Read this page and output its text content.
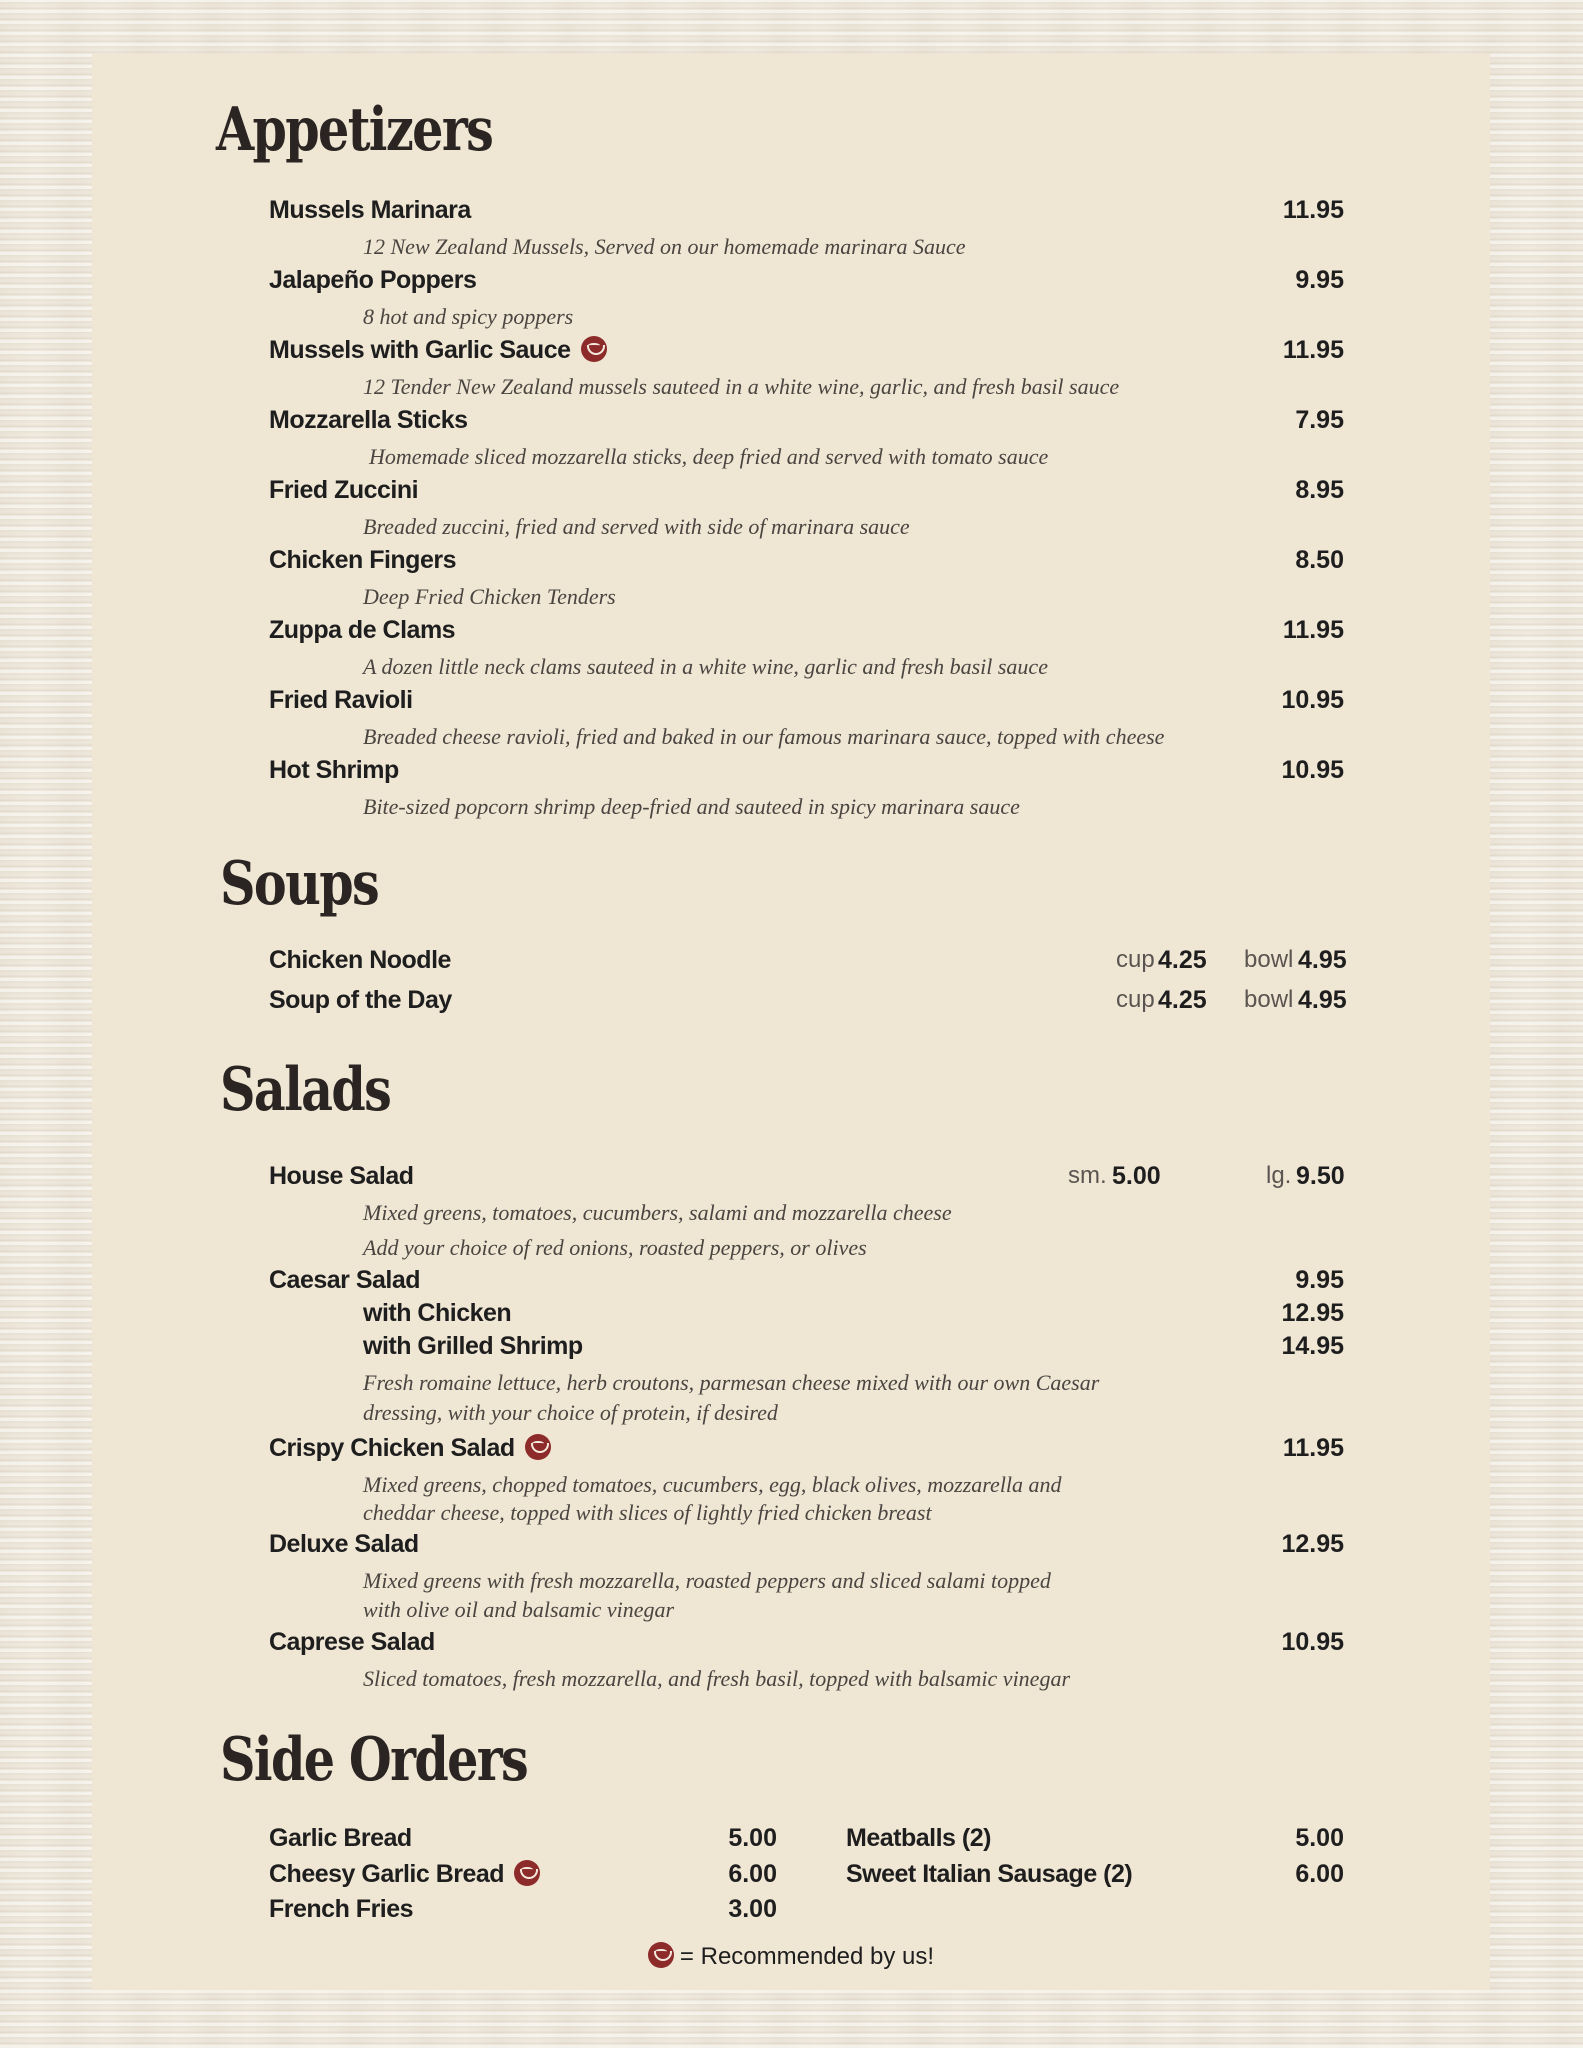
Appetizers
Mussels Marinara	11.95
12 New Zealand Mussels, Served on our homemade marinara Sauce
Jalapeño Poppers	9.95
8 hot and spicy poppers
Mussels with Garlic Sauce	11.95
12 Tender New Zealand mussels sauteed in a white wine, garlic, and fresh basil sauce
Mozzarella Sticks	7.95
Homemade sliced mozzarella sticks, deep fried and served with tomato sauce
Fried Zuccini	8.95
Breaded zuccini, fried and served with side of marinara sauce
Chicken Fingers	8.50
Deep Fried Chicken Tenders
Zuppa de Clams	11.95
A dozen little neck clams sauteed in a white wine, garlic and fresh basil sauce
Fried Ravioli	10.95
Breaded cheese ravioli, fried and baked in our famous marinara sauce, topped with cheese
Hot Shrimp	10.95
Bite-sized popcorn shrimp deep-fried and sauteed in spicy marinara sauce
Soups
Chicken Noodle	cup 4.25 bowl 4.95
Soup of the Day	cup 4.25 bowl 4.95
Salads
House Salad	sm. 5.00	lg. 9.50
Mixed greens, tomatoes, cucumbers, salami and mozzarella cheese
Add your choice of red onions, roasted peppers, or olives
Caesar Salad	9.95
with Chicken	12.95
with Grilled Shrimp	14.95
Fresh romaine lettuce, herb croutons, parmesan cheese mixed with our own Caesar
dressing, with your choice of protein, if desired
Crispy Chicken Salad	11.95
Mixed greens, chopped tomatoes, cucumbers, egg, black olives, mozzarella and
cheddar cheese, topped with slices of lightly fried chicken breast
Deluxe Salad	12.95
Mixed greens with fresh mozzarella, roasted peppers and sliced salami topped
with olive oil and balsamic vinegar
Caprese Salad	10.95
Sliced tomatoes, fresh mozzarella, and fresh basil, topped with balsamic vinegar
Side Orders
Garlic Bread	5.00	Meatballs (2)	5.00
Cheesy Garlic Bread	6.00	Sweet Italian Sausage (2)	6.00
French Fries	3.00
= Recommended by us!
